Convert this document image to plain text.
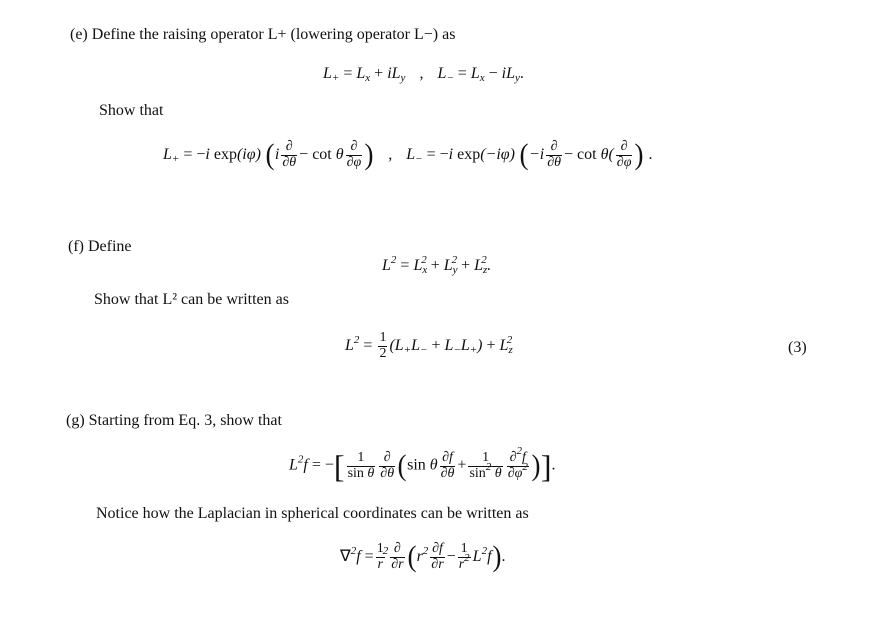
(e) Define the raising operator L+ (lowering operator L−) as
$L_+ = L_x + iL_y$ , $L_- = L_x - iL_y$.
Show that
$L_+ = -i$ exp(iφ) ($i \frac{\partial}{\partial\theta} - \cot \theta \frac{\partial}{\partial\varphi}$ ) , $L_- = -i$ exp(−iφ) ($-i \frac{\partial}{\partial\theta} - \cot \theta( \frac{\partial}{\partial\varphi}$ ) .
(f) Define
$L^2 = L_x^2 + L_y^2 + L_z^2$.
Show that L² can be written as
$L^2 = \frac{1}{2} (L_+L_- + L_-L_+) + L_z^2$	(3)
(g) Starting from Eq. 3, show that
$L^2f$ = −[ $\frac{1}{\text{sin θ}} \frac{\partial}{\partial\theta} (\sin$ θ $\frac{\partial f}{\partial\theta} + \frac{1}{\sin^2 \theta} \frac{\partial^2f}{\partial\varphi^2}$ )].
Notice how the Laplacian in spherical coordinates can be written as
$\nabla^2f = \frac{1}{r}$
$^2 \frac{\partial}{\partial r} (r^2 \frac{\partial f}{\partial r} - \frac{1}{r^2} L^2f)$.
